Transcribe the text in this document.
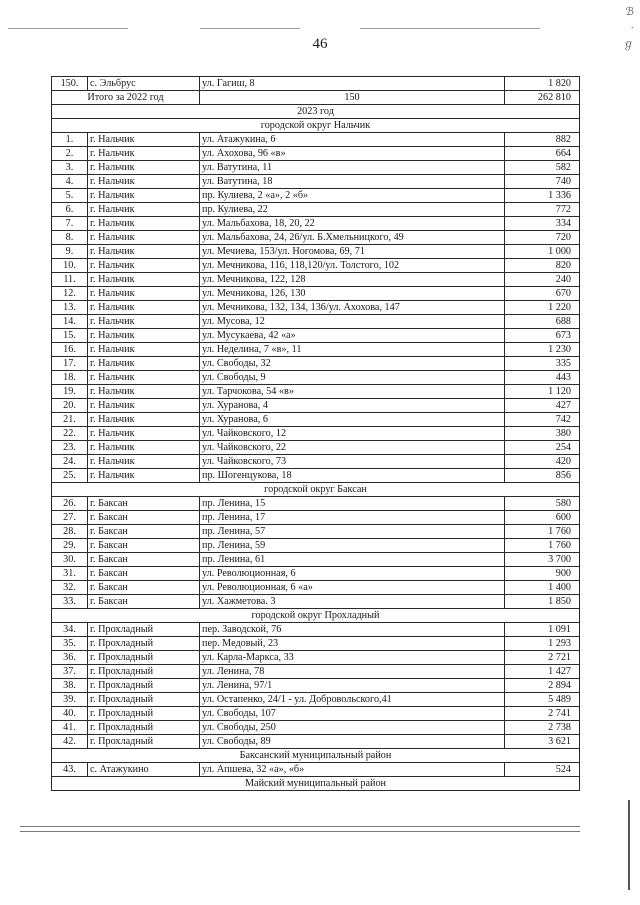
46
ℬ
·
ℊ
150.	с. Эльбрус	ул. Гагиш, 8	1 820
Итого за 2022 год		150	262 810
2023 год			
городской округ Нальчик			
1.	г. Нальчик	ул. Атажукина, 6	882
2.	г. Нальчик	ул. Ахохова, 96 «в»	664
3.	г. Нальчик	ул. Ватутина, 11	582
4.	г. Нальчик	ул. Ватутина, 18	740
5.	г. Нальчик	пр. Кулиева, 2 «а», 2 «б»	1 336
6.	г. Нальчик	пр. Кулиева, 22	772
7.	г. Нальчик	ул. Мальбахова, 18, 20, 22	334
8.	г. Нальчик	ул. Мальбахова, 24, 26/ул. Б.Хмельницкого, 49	720
9.	г. Нальчик	ул. Мечиева, 153/ул. Ногомова, 69, 71	1 000
10.	г. Нальчик	ул. Мечникова, 116, 118,120/ул. Толстого, 102	820
11.	г. Нальчик	ул. Мечникова, 122, 128	240
12.	г. Нальчик	ул. Мечникова, 126, 130	670
13.	г. Нальчик	ул. Мечникова, 132, 134, 136/ул. Ахохова, 147	1 220
14.	г. Нальчик	ул. Мусова, 12	688
15.	г. Нальчик	ул. Мусукаева, 42 «а»	673
16.	г. Нальчик	ул. Неделина, 7 «в», 11	1 230
17.	г. Нальчик	ул. Свободы, 32	335
18.	г. Нальчик	ул. Свободы, 9	443
19.	г. Нальчик	ул. Тарчокова, 54 «в»	1 120
20.	г. Нальчик	ул. Хуранова, 4	427
21.	г. Нальчик	ул. Хуранова, 6	742
22.	г. Нальчик	ул. Чайковского, 12	380
23.	г. Нальчик	ул. Чайковского, 22	254
24.	г. Нальчик	ул. Чайковского, 73	420
25.	г. Нальчик	пр. Шогенцукова, 18	856
городской округ Баксан			
26.	г. Баксан	пр. Ленина, 15	580
27.	г. Баксан	пр. Ленина, 17	600
28.	г. Баксан	пр. Ленина, 57	1 760
29.	г. Баксан	пр. Ленина, 59	1 760
30.	г. Баксан	пр. Ленина, 61	3 700
31.	г. Баксан	ул. Революционная, 6	900
32.	г. Баксан	ул. Революционная, 6 «а»	1 400
33.	г. Баксан	ул. Хажметова. 3	1 850
городской округ Прохладный			
34.	г. Прохладный	пер. Заводской, 76	1 091
35.	г. Прохладный	пер. Медовый, 23	1 293
36.	г. Прохладный	ул. Карла-Маркса, 33	2 721
37.	г. Прохладный	ул. Ленина, 78	1 427
38.	г. Прохладный	ул. Ленина, 97/1	2 894
39.	г. Прохладный	ул. Остапенко, 24/1 - ул. Добровольского,41	5 489
40.	г. Прохладный	ул. Свободы, 107	2 741
41.	г. Прохладный	ул. Свободы, 250	2 738
42.	г. Прохладный	ул. Свободы, 89	3 621
Баксанский муниципальный район			
43.	с. Атажукино	ул. Апшева, 32 «а», «б»	524
Майский муниципальный район			
